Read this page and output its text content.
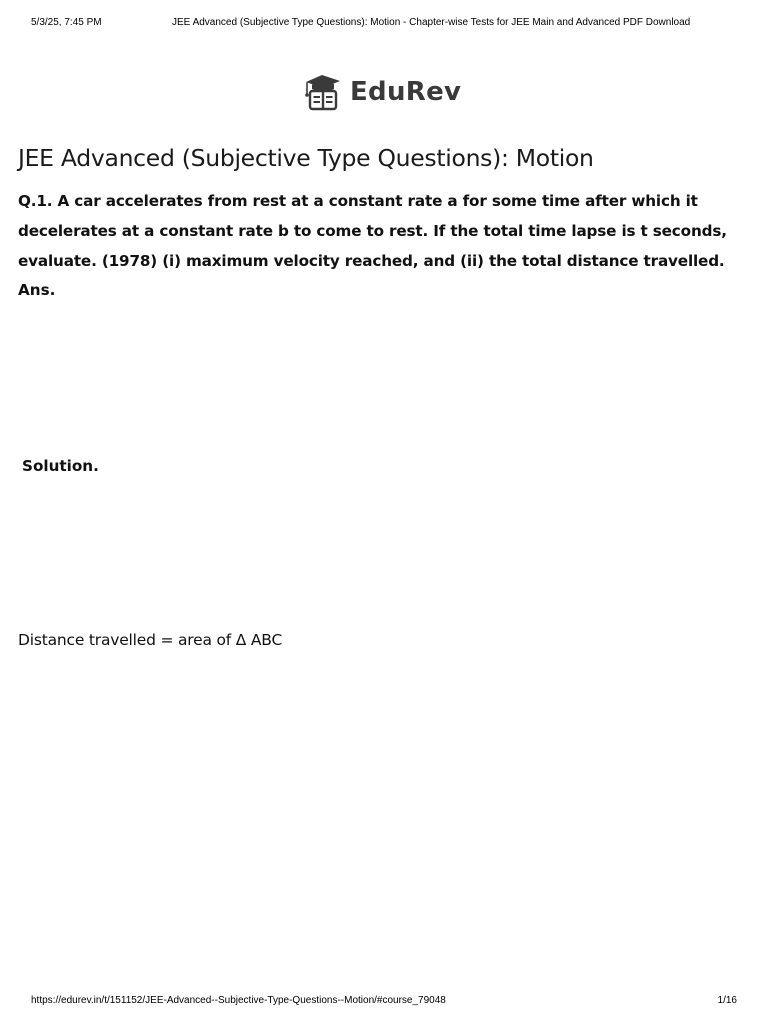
5/3/25, 7:45 PM	JEE Advanced (Subjective Type Questions): Motion - Chapter-wise Tests for JEE Main and Advanced PDF Download
EduRev
JEE Advanced (Subjective Type Questions): Motion

Q.1. A car accelerates from rest at a constant rate a for some time after which it decelerates at a constant rate b to come to rest. If the total time lapse is t seconds, evaluate. (1978) (i) maximum velocity reached, and (ii) the total distance travelled.

Ans.

Solution.

Distance travelled = area of Δ ABC

https://edurev.in/t/151152/JEE-Advanced--Subjective-Type-Questions--Motion/#course_79048	1/16
